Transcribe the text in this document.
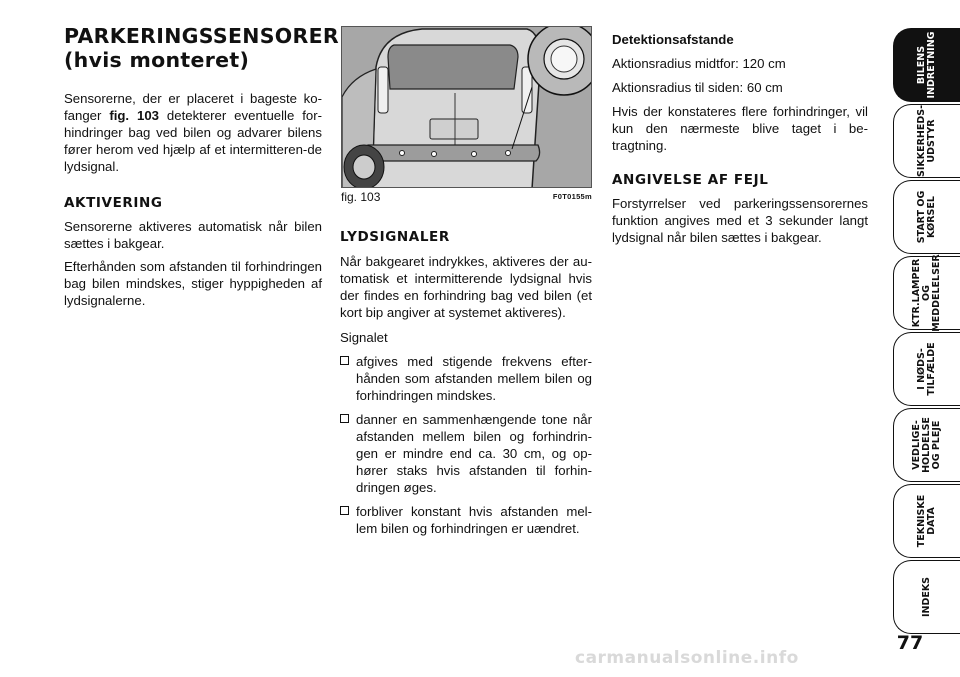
PARKERINGSSENSORER
(hvis monteret)

Sensorerne, der er placeret i bageste ko-fanger fig. 103 detekterer eventuelle for-hindringer bag ved bilen og advarer bilens fører herom ved hjælp af et intermitteren-de lydsignal.

AKTIVERING

Sensorerne aktiveres automatisk når bilen sættes i bakgear.

Efterhånden som afstanden til forhindringen bag bilen mindskes, stiger hyppigheden af lydsignalerne.

fig. 103	F0T0155m
LYDSIGNALER

Når bakgearet indrykkes, aktiveres der au-tomatisk et intermitterende lydsignal hvis der findes en forhindring bag ved bilen (et kort bip angiver at systemet aktiveres).

Signalet

afgives med stigende frekvens efter-hånden som afstanden mellem bilen og forhindringen mindskes.
danner en sammenhængende tone når afstanden mellem bilen og forhindrin-gen er mindre end ca. 30 cm, og op-hører staks hvis afstanden til forhin-dringen øges.
forbliver konstant hvis afstanden mel-lem bilen og forhindringen er uændret.

Detektionsafstande

Aktionsradius midtfor: 120 cm

Aktionsradius til siden: 60 cm

Hvis der konstateres flere forhindringer, vil kun den nærmeste blive taget i be-tragtning.

ANGIVELSE AF FEJL

Forstyrrelser ved parkeringssensorernes funktion angives med et 3 sekunder langt lydsignal når bilen sættes i bakgear.

BILENS
INDRETNING
SIKKERHEDS-
UDSTYR
START OG
KØRSEL
KTR.LAMPER
OG
MEDDELELSER
I NØDS-
TILFÆLDE
VEDLIGE-
HOLDELSE
OG PLEJE
TEKNISKE
DATA
INDEKS
77
carmanualsonline.info
